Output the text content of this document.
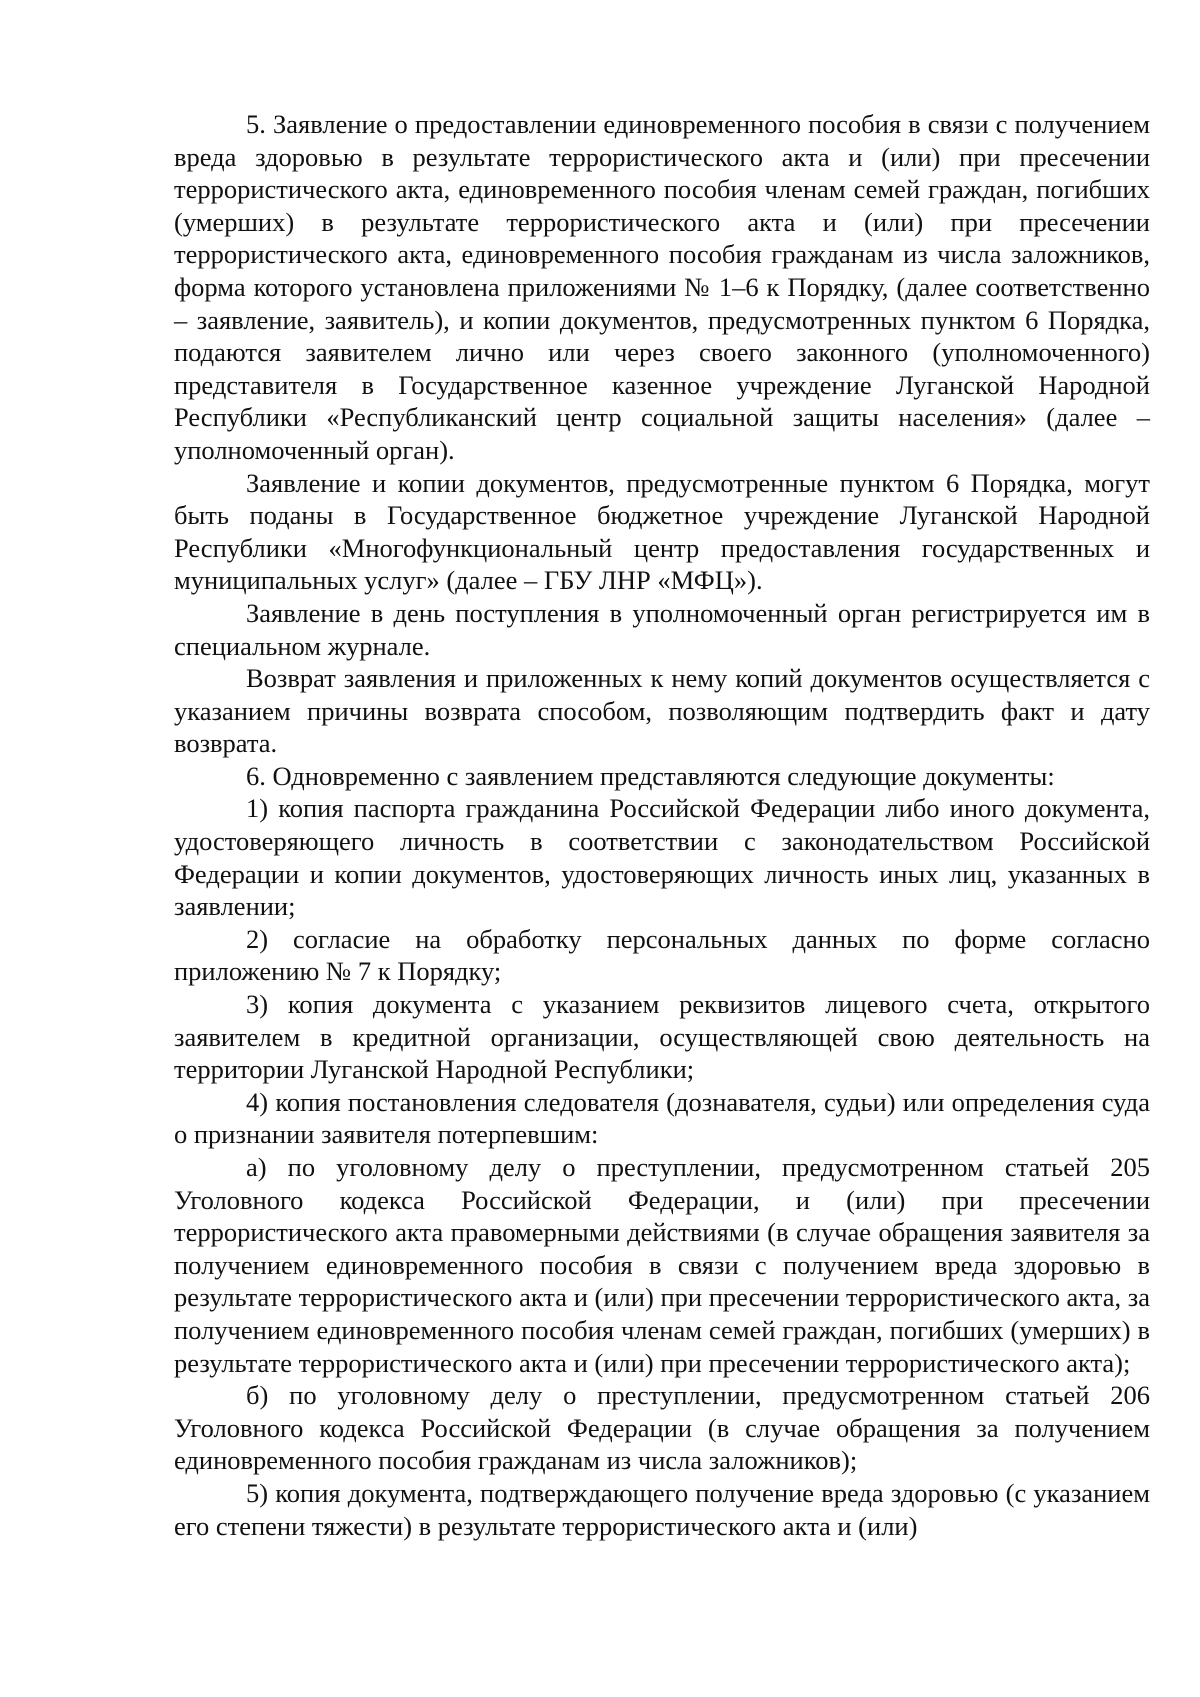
5. Заявление о предоставлении единовременного пособия в связи с получением вреда здоровью в результате террористического акта и (или) при пресечении террористического акта, единовременного пособия членам семей граждан, погибших (умерших) в результате террористического акта и (или) при пресечении террористического акта, единовременного пособия гражданам из числа заложников, форма которого установлена приложениями № 1–6 к Порядку, (далее соответственно – заявление, заявитель), и копии документов, предусмотренных пунктом 6 Порядка, подаются заявителем лично или через своего законного (уполномоченного) представителя в Государственное казенное учреждение Луганской Народной Республики «Республиканский центр социальной защиты населения» (далее – уполномоченный орган).

Заявление и копии документов, предусмотренные пунктом 6 Порядка, могут быть поданы в Государственное бюджетное учреждение Луганской Народной Республики «Многофункциональный центр предоставления государственных и муниципальных услуг» (далее – ГБУ ЛНР «МФЦ»).

Заявление в день поступления в уполномоченный орган регистрируется им в специальном журнале.

Возврат заявления и приложенных к нему копий документов осуществляется с указанием причины возврата способом, позволяющим подтвердить факт и дату возврата.

6. Одновременно с заявлением представляются следующие документы:

1) копия паспорта гражданина Российской Федерации либо иного документа, удостоверяющего личность в соответствии с законодательством Российской Федерации и копии документов, удостоверяющих личность иных лиц, указанных в заявлении;

2) согласие на обработку персональных данных по форме согласно приложению № 7 к Порядку;

3) копия документа с указанием реквизитов лицевого счета, открытого заявителем в кредитной организации, осуществляющей свою деятельность на территории Луганской Народной Республики;

4) копия постановления следователя (дознавателя, судьи) или определения суда о признании заявителя потерпевшим:

а) по уголовному делу о преступлении, предусмотренном статьей 205 Уголовного кодекса Российской Федерации, и (или) при пресечении террористического акта правомерными действиями (в случае обращения заявителя за получением единовременного пособия в связи с получением вреда здоровью в результате террористического акта и (или) при пресечении террористического акта, за получением единовременного пособия членам семей граждан, погибших (умерших) в результате террористического акта и (или) при пресечении террористического акта);

б) по уголовному делу о преступлении, предусмотренном статьей 206 Уголовного кодекса Российской Федерации (в случае обращения за получением единовременного пособия гражданам из числа заложников);

5) копия документа, подтверждающего получение вреда здоровью (с указанием его степени тяжести) в результате террористического акта и (или)
